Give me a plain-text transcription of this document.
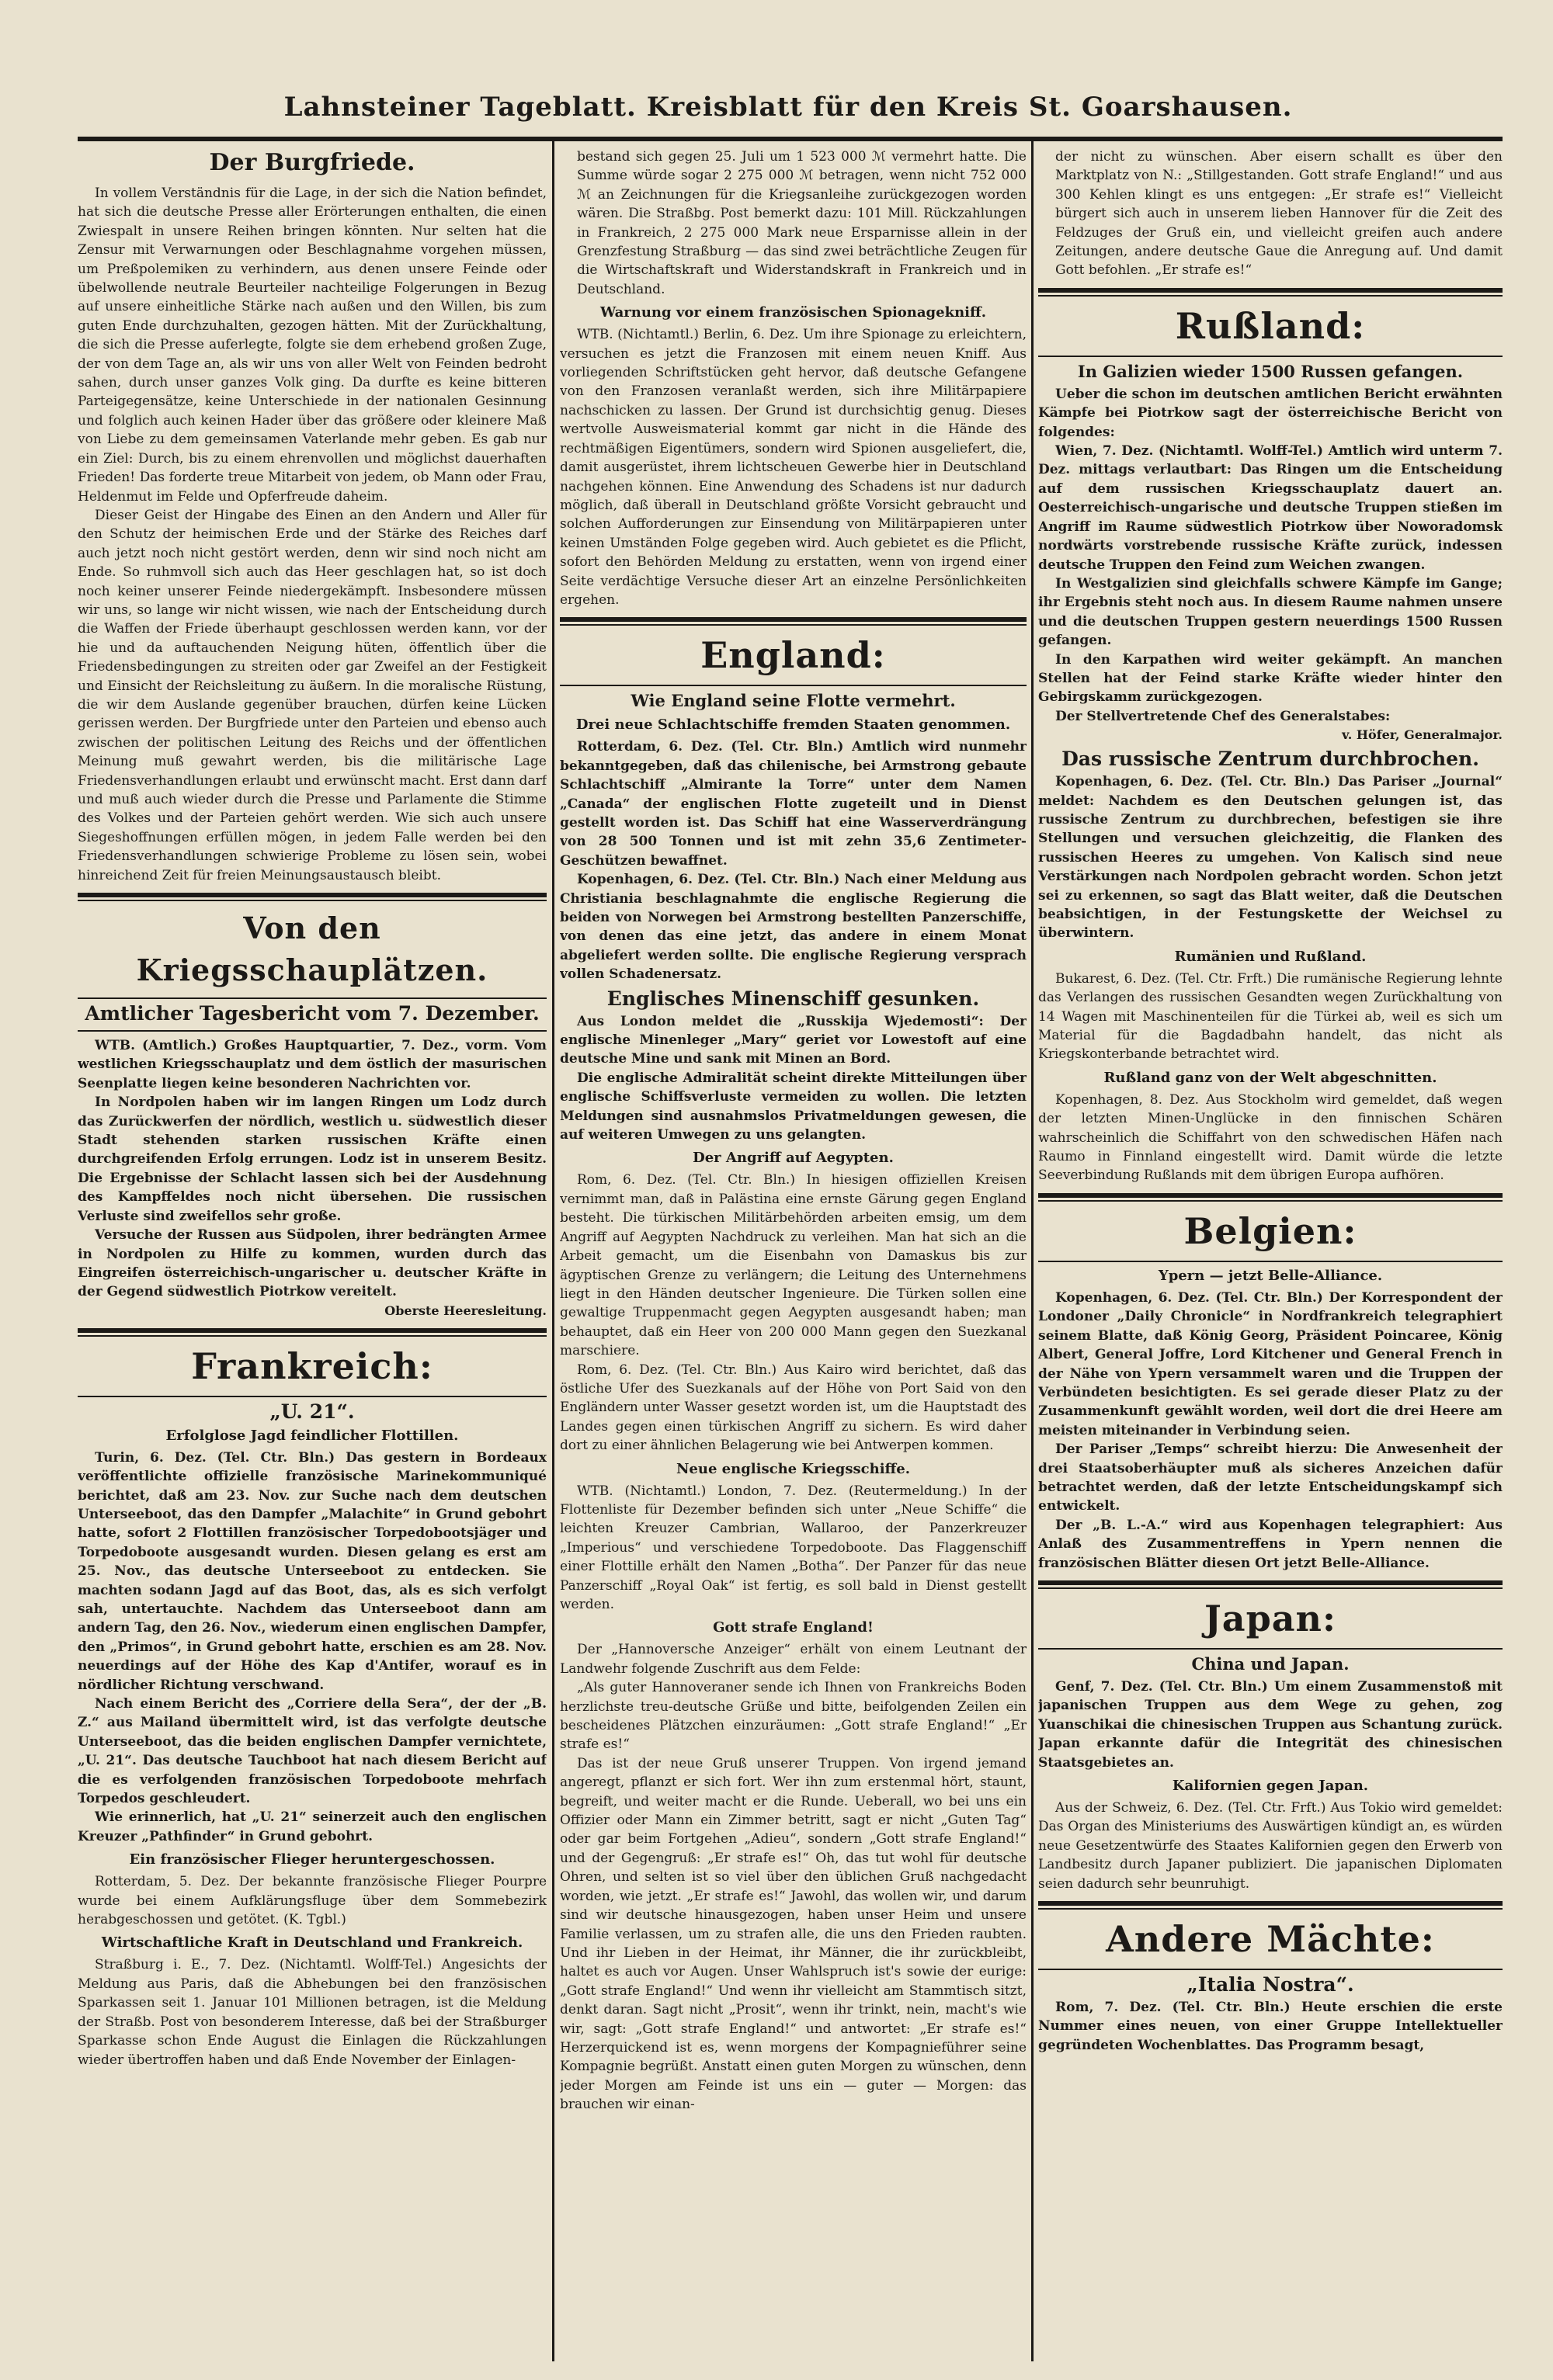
Lahnsteiner Tageblatt. Kreisblatt für den Kreis St. Goarshausen.
Der Burgfriede.

In vollem Verständnis für die Lage, in der sich die Nation befindet, hat sich die deutsche Presse aller Erörterungen enthalten, die einen Zwiespalt in unsere Reihen bringen könnten. Nur selten hat die Zensur mit Verwarnungen oder Beschlagnahme vorgehen müssen, um Preßpolemiken zu verhindern, aus denen unsere Feinde oder übelwollende neutrale Beurteiler nachteilige Folgerungen in Bezug auf unsere einheitliche Stärke nach außen und den Willen, bis zum guten Ende durchzuhalten, gezogen hätten. Mit der Zurückhaltung, die sich die Presse auferlegte, folgte sie dem erhebend großen Zuge, der von dem Tage an, als wir uns von aller Welt von Feinden bedroht sahen, durch unser ganzes Volk ging. Da durfte es keine bitteren Parteigegensätze, keine Unterschiede in der nationalen Gesinnung und folglich auch keinen Hader über das größere oder kleinere Maß von Liebe zu dem gemeinsamen Vaterlande mehr geben. Es gab nur ein Ziel: Durch, bis zu einem ehrenvollen und möglichst dauerhaften Frieden! Das forderte treue Mitarbeit von jedem, ob Mann oder Frau, Heldenmut im Felde und Opferfreude daheim.

Dieser Geist der Hingabe des Einen an den Andern und Aller für den Schutz der heimischen Erde und der Stärke des Reiches darf auch jetzt noch nicht gestört werden, denn wir sind noch nicht am Ende. So ruhmvoll sich auch das Heer geschlagen hat, so ist doch noch keiner unserer Feinde niedergekämpft. Insbesondere müssen wir uns, so lange wir nicht wissen, wie nach der Entscheidung durch die Waffen der Friede überhaupt geschlossen werden kann, vor der hie und da auftauchenden Neigung hüten, öffentlich über die Friedensbedingungen zu streiten oder gar Zweifel an der Festigkeit und Einsicht der Reichsleitung zu äußern. In die moralische Rüstung, die wir dem Auslande gegenüber brauchen, dürfen keine Lücken gerissen werden. Der Burgfriede unter den Parteien und ebenso auch zwischen der politischen Leitung des Reichs und der öffentlichen Meinung muß gewahrt werden, bis die militärische Lage Friedensverhandlungen erlaubt und erwünscht macht. Erst dann darf und muß auch wieder durch die Presse und Parlamente die Stimme des Volkes und der Parteien gehört werden. Wie sich auch unsere Siegeshoffnungen erfüllen mögen, in jedem Falle werden bei den Friedensverhandlungen schwierige Probleme zu lösen sein, wobei hinreichend Zeit für freien Meinungsaustausch bleibt.

Von den Kriegsschauplätzen.
Amtlicher Tagesbericht vom 7. Dezember.

WTB. (Amtlich.) Großes Hauptquartier, 7. Dez., vorm. Vom westlichen Kriegsschauplatz und dem östlich der masurischen Seenplatte liegen keine besonderen Nachrichten vor.

In Nordpolen haben wir im langen Ringen um Lodz durch das Zurückwerfen der nördlich, westlich u. südwestlich dieser Stadt stehenden starken russischen Kräfte einen durchgreifenden Erfolg errungen. Lodz ist in unserem Besitz. Die Ergebnisse der Schlacht lassen sich bei der Ausdehnung des Kampffeldes noch nicht übersehen. Die russischen Verluste sind zweifellos sehr große.

Versuche der Russen aus Südpolen, ihrer bedrängten Armee in Nordpolen zu Hilfe zu kommen, wurden durch das Eingreifen österreichisch-ungarischer u. deutscher Kräfte in der Gegend südwestlich Piotrkow vereitelt.

Oberste Heeresleitung.
Frankreich:
„U. 21“.
Erfolglose Jagd feindlicher Flottillen.

Turin, 6. Dez. (Tel. Ctr. Bln.) Das gestern in Bordeaux veröffentlichte offizielle französische Marinekommuniqué berichtet, daß am 23. Nov. zur Suche nach dem deutschen Unterseeboot, das den Dampfer „Malachite“ in Grund gebohrt hatte, sofort 2 Flottillen französischer Torpedobootsjäger und Torpedoboote ausgesandt wurden. Diesen gelang es erst am 25. Nov., das deutsche Unterseeboot zu entdecken. Sie machten sodann Jagd auf das Boot, das, als es sich verfolgt sah, untertauchte. Nachdem das Unterseeboot dann am andern Tag, den 26. Nov., wiederum einen englischen Dampfer, den „Primos“, in Grund gebohrt hatte, erschien es am 28. Nov. neuerdings auf der Höhe des Kap d'Antifer, worauf es in nördlicher Richtung verschwand.

Nach einem Bericht des „Corriere della Sera“, der der „B. Z.“ aus Mailand übermittelt wird, ist das verfolgte deutsche Unterseeboot, das die beiden englischen Dampfer vernichtete, „U. 21“. Das deutsche Tauchboot hat nach diesem Bericht auf die es verfolgenden französischen Torpedoboote mehrfach Torpedos geschleudert.

Wie erinnerlich, hat „U. 21“ seinerzeit auch den englischen Kreuzer „Pathfinder“ in Grund gebohrt.

Ein französischer Flieger heruntergeschossen.

Rotterdam, 5. Dez. Der bekannte französische Flieger Pourpre wurde bei einem Aufklärungsfluge über dem Sommebezirk herabgeschossen und getötet. (K. Tgbl.)

Wirtschaftliche Kraft in Deutschland und Frankreich.

Straßburg i. E., 7. Dez. (Nichtamtl. Wolff-Tel.) Angesichts der Meldung aus Paris, daß die Abhebungen bei den französischen Sparkassen seit 1. Januar 101 Millionen betragen, ist die Meldung der Straßb. Post von besonderem Interesse, daß bei der Straßburger Sparkasse schon Ende August die Einlagen die Rückzahlungen wieder übertroffen haben und daß Ende November der Einlagen-

bestand sich gegen 25. Juli um 1 523 000 ℳ vermehrt hatte. Die Summe würde sogar 2 275 000 ℳ betragen, wenn nicht 752 000 ℳ an Zeichnungen für die Kriegsanleihe zurückgezogen worden wären. Die Straßbg. Post bemerkt dazu: 101 Mill. Rückzahlungen in Frankreich, 2 275 000 Mark neue Ersparnisse allein in der Grenzfestung Straßburg — das sind zwei beträchtliche Zeugen für die Wirtschaftskraft und Widerstandskraft in Frankreich und in Deutschland.

Warnung vor einem französischen Spionagekniff.

WTB. (Nichtamtl.) Berlin, 6. Dez. Um ihre Spionage zu erleichtern, versuchen es jetzt die Franzosen mit einem neuen Kniff. Aus vorliegenden Schriftstücken geht hervor, daß deutsche Gefangene von den Franzosen veranlaßt werden, sich ihre Militärpapiere nachschicken zu lassen. Der Grund ist durchsichtig genug. Dieses wertvolle Ausweismaterial kommt gar nicht in die Hände des rechtmäßigen Eigentümers, sondern wird Spionen ausgeliefert, die, damit ausgerüstet, ihrem lichtscheuen Gewerbe hier in Deutschland nachgehen können. Eine Anwendung des Schadens ist nur dadurch möglich, daß überall in Deutschland größte Vorsicht gebraucht und solchen Aufforderungen zur Einsendung von Militärpapieren unter keinen Umständen Folge gegeben wird. Auch gebietet es die Pflicht, sofort den Behörden Meldung zu erstatten, wenn von irgend einer Seite verdächtige Versuche dieser Art an einzelne Persönlichkeiten ergehen.

England:
Wie England seine Flotte vermehrt.
Drei neue Schlachtschiffe fremden Staaten genommen.

Rotterdam, 6. Dez. (Tel. Ctr. Bln.) Amtlich wird nunmehr bekanntgegeben, daß das chilenische, bei Armstrong gebaute Schlachtschiff „Almirante la Torre“ unter dem Namen „Canada“ der englischen Flotte zugeteilt und in Dienst gestellt worden ist. Das Schiff hat eine Wasserverdrängung von 28 500 Tonnen und ist mit zehn 35,6 Zentimeter-Geschützen bewaffnet.

Kopenhagen, 6. Dez. (Tel. Ctr. Bln.) Nach einer Meldung aus Christiania beschlagnahmte die englische Regierung die beiden von Norwegen bei Armstrong bestellten Panzerschiffe, von denen das eine jetzt, das andere in einem Monat abgeliefert werden sollte. Die englische Regierung versprach vollen Schadenersatz.

Englisches Minenschiff gesunken.

Aus London meldet die „Russkija Wjedemosti“: Der englische Minenleger „Mary“ geriet vor Lowestoft auf eine deutsche Mine und sank mit Minen an Bord.

Die englische Admiralität scheint direkte Mitteilungen über englische Schiffsverluste vermeiden zu wollen. Die letzten Meldungen sind ausnahmslos Privatmeldungen gewesen, die auf weiteren Umwegen zu uns gelangten.

Der Angriff auf Aegypten.

Rom, 6. Dez. (Tel. Ctr. Bln.) In hiesigen offiziellen Kreisen vernimmt man, daß in Palästina eine ernste Gärung gegen England besteht. Die türkischen Militärbehörden arbeiten emsig, um dem Angriff auf Aegypten Nachdruck zu verleihen. Man hat sich an die Arbeit gemacht, um die Eisenbahn von Damaskus bis zur ägyptischen Grenze zu verlängern; die Leitung des Unternehmens liegt in den Händen deutscher Ingenieure. Die Türken sollen eine gewaltige Truppenmacht gegen Aegypten ausgesandt haben; man behauptet, daß ein Heer von 200 000 Mann gegen den Suezkanal marschiere.

Rom, 6. Dez. (Tel. Ctr. Bln.) Aus Kairo wird berichtet, daß das östliche Ufer des Suezkanals auf der Höhe von Port Said von den Engländern unter Wasser gesetzt worden ist, um die Hauptstadt des Landes gegen einen türkischen Angriff zu sichern. Es wird daher dort zu einer ähnlichen Belagerung wie bei Antwerpen kommen.

Neue englische Kriegsschiffe.

WTB. (Nichtamtl.) London, 7. Dez. (Reutermeldung.) In der Flottenliste für Dezember befinden sich unter „Neue Schiffe“ die leichten Kreuzer Cambrian, Wallaroo, der Panzerkreuzer „Imperious“ und verschiedene Torpedoboote. Das Flaggenschiff einer Flottille erhält den Namen „Botha“. Der Panzer für das neue Panzerschiff „Royal Oak“ ist fertig, es soll bald in Dienst gestellt werden.

Gott strafe England!

Der „Hannoversche Anzeiger“ erhält von einem Leutnant der Landwehr folgende Zuschrift aus dem Felde:

„Als guter Hannoveraner sende ich Ihnen von Frankreichs Boden herzlichste treu-deutsche Grüße und bitte, beifolgenden Zeilen ein bescheidenes Plätzchen einzuräumen: „Gott strafe England!“ „Er strafe es!“

Das ist der neue Gruß unserer Truppen. Von irgend jemand angeregt, pflanzt er sich fort. Wer ihn zum erstenmal hört, staunt, begreift, und weiter macht er die Runde. Ueberall, wo bei uns ein Offizier oder Mann ein Zimmer betritt, sagt er nicht „Guten Tag“ oder gar beim Fortgehen „Adieu“, sondern „Gott strafe England!“ und der Gegengruß: „Er strafe es!“ Oh, das tut wohl für deutsche Ohren, und selten ist so viel über den üblichen Gruß nachgedacht worden, wie jetzt. „Er strafe es!“ Jawohl, das wollen wir, und darum sind wir deutsche hinausgezogen, haben unser Heim und unsere Familie verlassen, um zu strafen alle, die uns den Frieden raubten. Und ihr Lieben in der Heimat, ihr Männer, die ihr zurückbleibt, haltet es auch vor Augen. Unser Wahlspruch ist's sowie der eurige: „Gott strafe England!“ Und wenn ihr vielleicht am Stammtisch sitzt, denkt daran. Sagt nicht „Prosit“, wenn ihr trinkt, nein, macht's wie wir, sagt: „Gott strafe England!“ und antwortet: „Er strafe es!“ Herzerquickend ist es, wenn morgens der Kompagnieführer seine Kompagnie begrüßt. Anstatt einen guten Morgen zu wünschen, denn jeder Morgen am Feinde ist uns ein — guter — Morgen: das brauchen wir einan-

der nicht zu wünschen. Aber eisern schallt es über den Marktplatz von N.: „Stillgestanden. Gott strafe England!“ und aus 300 Kehlen klingt es uns entgegen: „Er strafe es!“ Vielleicht bürgert sich auch in unserem lieben Hannover für die Zeit des Feldzuges der Gruß ein, und vielleicht greifen auch andere Zeitungen, andere deutsche Gaue die Anregung auf. Und damit Gott befohlen. „Er strafe es!“

Rußland:
In Galizien wieder 1500 Russen gefangen.

Ueber die schon im deutschen amtlichen Bericht erwähnten Kämpfe bei Piotrkow sagt der österreichische Bericht von folgendes:

Wien, 7. Dez. (Nichtamtl. Wolff-Tel.) Amtlich wird unterm 7. Dez. mittags verlautbart: Das Ringen um die Entscheidung auf dem russischen Kriegsschauplatz dauert an. Oesterreichisch-ungarische und deutsche Truppen stießen im Angriff im Raume südwestlich Piotrkow über Noworadomsk nordwärts vorstrebende russische Kräfte zurück, indessen deutsche Truppen den Feind zum Weichen zwangen.

In Westgalizien sind gleichfalls schwere Kämpfe im Gange; ihr Ergebnis steht noch aus. In diesem Raume nahmen unsere und die deutschen Truppen gestern neuerdings 1500 Russen gefangen.

In den Karpathen wird weiter gekämpft. An manchen Stellen hat der Feind starke Kräfte wieder hinter den Gebirgskamm zurückgezogen.

Der Stellvertretende Chef des Generalstabes:

v. Höfer, Generalmajor.
Das russische Zentrum durchbrochen.

Kopenhagen, 6. Dez. (Tel. Ctr. Bln.) Das Pariser „Journal“ meldet: Nachdem es den Deutschen gelungen ist, das russische Zentrum zu durchbrechen, befestigen sie ihre Stellungen und versuchen gleichzeitig, die Flanken des russischen Heeres zu umgehen. Von Kalisch sind neue Verstärkungen nach Nordpolen gebracht worden. Schon jetzt sei zu erkennen, so sagt das Blatt weiter, daß die Deutschen beabsichtigen, in der Festungskette der Weichsel zu überwintern.

Rumänien und Rußland.

Bukarest, 6. Dez. (Tel. Ctr. Frft.) Die rumänische Regierung lehnte das Verlangen des russischen Gesandten wegen Zurückhaltung von 14 Wagen mit Maschinenteilen für die Türkei ab, weil es sich um Material für die Bagdadbahn handelt, das nicht als Kriegskonterbande betrachtet wird.

Rußland ganz von der Welt abgeschnitten.

Kopenhagen, 8. Dez. Aus Stockholm wird gemeldet, daß wegen der letzten Minen-Unglücke in den finnischen Schären wahrscheinlich die Schiffahrt von den schwedischen Häfen nach Raumo in Finnland eingestellt wird. Damit würde die letzte Seeverbindung Rußlands mit dem übrigen Europa aufhören.

Belgien:
Ypern — jetzt Belle-Alliance.

Kopenhagen, 6. Dez. (Tel. Ctr. Bln.) Der Korrespondent der Londoner „Daily Chronicle“ in Nordfrankreich telegraphiert seinem Blatte, daß König Georg, Präsident Poincaree, König Albert, General Joffre, Lord Kitchener und General French in der Nähe von Ypern versammelt waren und die Truppen der Verbündeten besichtigten. Es sei gerade dieser Platz zu der Zusammenkunft gewählt worden, weil dort die drei Heere am meisten miteinander in Verbindung seien.

Der Pariser „Temps“ schreibt hierzu: Die Anwesenheit der drei Staatsoberhäupter muß als sicheres Anzeichen dafür betrachtet werden, daß der letzte Entscheidungskampf sich entwickelt.

Der „B. L.-A.“ wird aus Kopenhagen telegraphiert: Aus Anlaß des Zusammentreffens in Ypern nennen die französischen Blätter diesen Ort jetzt Belle-Alliance.

Japan:
China und Japan.

Genf, 7. Dez. (Tel. Ctr. Bln.) Um einem Zusammenstoß mit japanischen Truppen aus dem Wege zu gehen, zog Yuanschikai die chinesischen Truppen aus Schantung zurück. Japan erkannte dafür die Integrität des chinesischen Staatsgebietes an.

Kalifornien gegen Japan.

Aus der Schweiz, 6. Dez. (Tel. Ctr. Frft.) Aus Tokio wird gemeldet: Das Organ des Ministeriums des Auswärtigen kündigt an, es würden neue Gesetzentwürfe des Staates Kalifornien gegen den Erwerb von Landbesitz durch Japaner publiziert. Die japanischen Diplomaten seien dadurch sehr beunruhigt.

Andere Mächte:
„Italia Nostra“.

Rom, 7. Dez. (Tel. Ctr. Bln.) Heute erschien die erste Nummer eines neuen, von einer Gruppe Intellektueller gegründeten Wochenblattes. Das Programm besagt,
